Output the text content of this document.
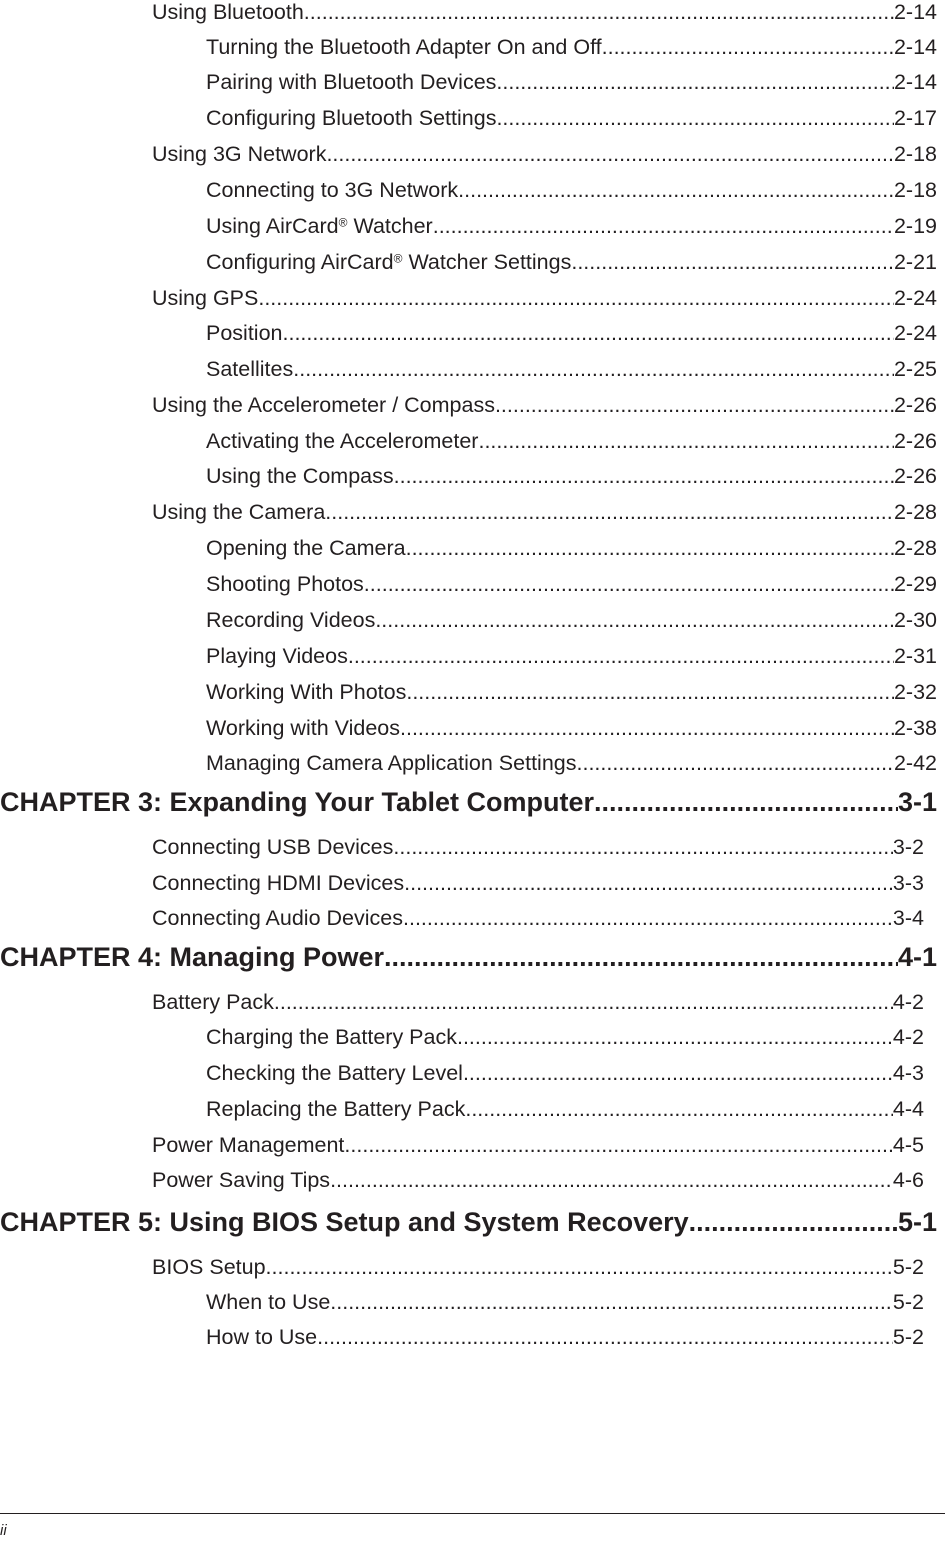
Using Bluetooth .....	2-14
Turning the Bluetooth Adapter On and Off .....	2-14
Pairing with Bluetooth Devices .....	2-14
Configuring Bluetooth Settings .....	2-17
Using 3G Network .....	2-18
Connecting to 3G Network .....	2-18
Using AirCard® Watcher .....	2-19
Configuring AirCard® Watcher Settings .....	2-21
Using GPS .....	2-24
Position .....	2-24
Satellites .....	2-25
Using the Accelerometer / Compass .....	2-26
Activating the Accelerometer .....	2-26
Using the Compass .....	2-26
Using the Camera .....	2-28
Opening the Camera .....	2-28
Shooting Photos .....	2-29
Recording Videos .....	2-30
Playing Videos .....	2-31
Working With Photos .....	2-32
Working with Videos .....	2-38
Managing Camera Application Settings .....	2-42
CHAPTER 3: Expanding Your Tablet Computer .....	3-1
Connecting USB Devices .....	3-2
Connecting HDMI Devices .....	3-3
Connecting Audio Devices .....	3-4
CHAPTER 4: Managing Power .....	4-1
Battery Pack .....	4-2
Charging the Battery Pack .....	4-2
Checking the Battery Level .....	4-3
Replacing the Battery Pack .....	4-4
Power Management .....	4-5
Power Saving Tips .....	4-6
CHAPTER 5: Using BIOS Setup and System Recovery .....	5-1
BIOS Setup .....	5-2
When to Use .....	5-2
How to Use .....	5-2
ii
